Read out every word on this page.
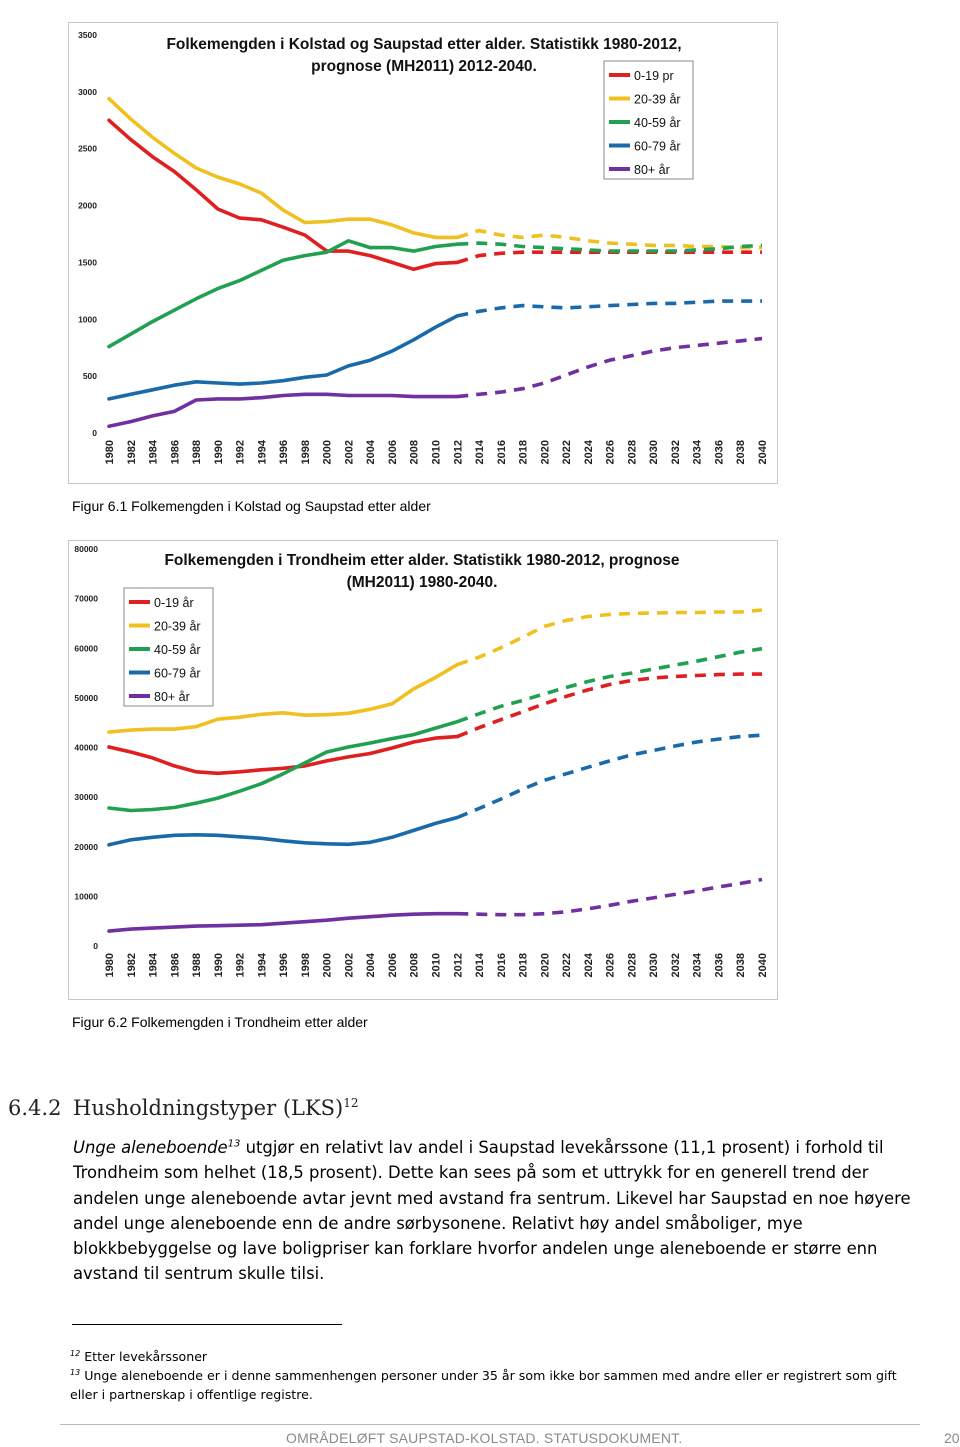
0
500
1000
1500
2000
2500
3000
3500
1980 1982 1984 1986 1988 1990 1992 1994 1996 1998 2000 2002 2004 2006 2008 2010 2012 2014 2016 2018 2020 2022 2024 2026 2028 2030 2032 2034 2036 2038 2040
Folkemengden i Kolstad og Saupstad etter alder. Statistikk 1980-2012,
prognose (MH2011) 2012-2040.
0-19 pr
20-39 år
40-59 år
60-79 år
80+ år
Figur 6.1 Folkemengden i Kolstad og Saupstad etter alder
0
10000
20000
30000
40000
50000
60000
70000
80000
1980 1982 1984 1986 1988 1990 1992 1994 1996 1998 2000 2002 2004 2006 2008 2010 2012 2014 2016 2018 2020 2022 2024 2026 2028 2030 2032 2034 2036 2038 2040
Folkemengden i Trondheim etter alder. Statistikk 1980-2012, prognose
(MH2011) 1980-2040.
0-19 år
20-39 år
40-59 år
60-79 år
80+ år
Figur 6.2 Folkemengden i Trondheim etter alder
6.4.2 Husholdningstyper (LKS)$^{12}$

Unge aleneboende$^{13}$ utgjør en relativt lav andel i Saupstad levekårssone (11,1 prosent) i forhold til Trondheim som helhet (18,5 prosent). Dette kan sees på som et uttrykk for en generell trend der andelen unge aleneboende avtar jevnt med avstand fra sentrum. Likevel har Saupstad en noe høyere andel unge aleneboende enn de andre sørbysonene. Relativt høy andel småboliger, mye blokkbebyggelse og lave boligpriser kan forklare hvorfor andelen unge aleneboende er større enn avstand til sentrum skulle tilsi.

$^{12}$ Etter levekårssoner

$^{13}$ Unge aleneboende er i denne sammenhengen personer under 35 år som ikke bor sammen med andre eller er registrert som gift eller i partnerskap i offentlige registre.

OMRÅDELØFT SAUPSTAD-KOLSTAD. STATUSDOKUMENT.	20
